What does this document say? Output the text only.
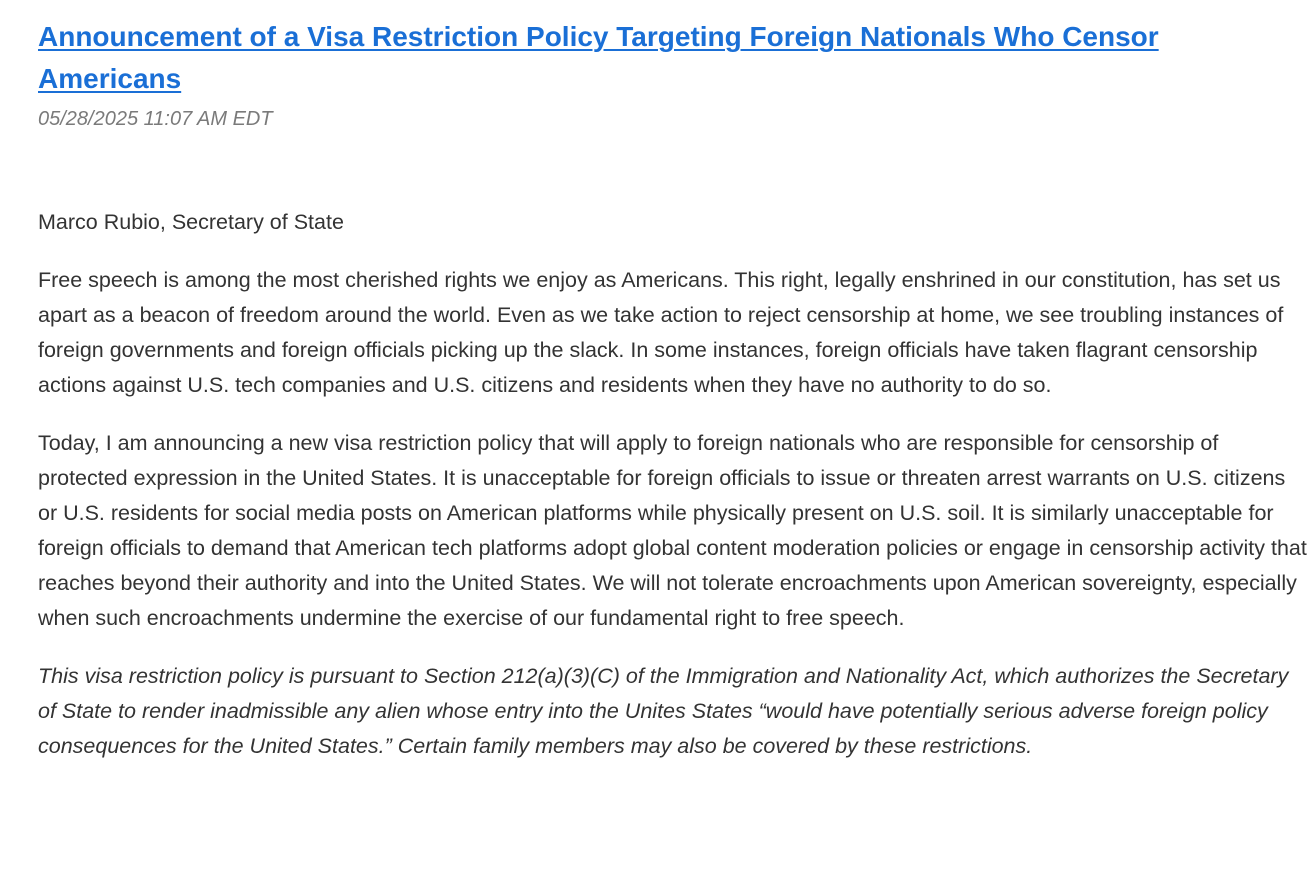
Announcement of a Visa Restriction Policy Targeting Foreign Nationals Who Censor Americans
05/28/2025 11:07 AM EDT
Marco Rubio, Secretary of State

Free speech is among the most cherished rights we enjoy as Americans. This right, legally enshrined in our constitution, has set us apart as a beacon of freedom around the world. Even as we take action to reject censorship at home, we see troubling instances of foreign governments and foreign officials picking up the slack. In some instances, foreign officials have taken flagrant censorship actions against U.S. tech companies and U.S. citizens and residents when they have no authority to do so.

Today, I am announcing a new visa restriction policy that will apply to foreign nationals who are responsible for censorship of protected expression in the United States. It is unacceptable for foreign officials to issue or threaten arrest warrants on U.S. citizens or U.S. residents for social media posts on American platforms while physically present on U.S. soil. It is similarly unacceptable for foreign officials to demand that American tech platforms adopt global content moderation policies or engage in censorship activity that reaches beyond their authority and into the United States. We will not tolerate encroachments upon American sovereignty, especially when such encroachments undermine the exercise of our fundamental right to free speech.

This visa restriction policy is pursuant to Section 212(a)(3)(C) of the Immigration and Nationality Act, which authorizes the Secretary of State to render inadmissible any alien whose entry into the Unites States “would have potentially serious adverse foreign policy consequences for the United States.” Certain family members may also be covered by these restrictions.
